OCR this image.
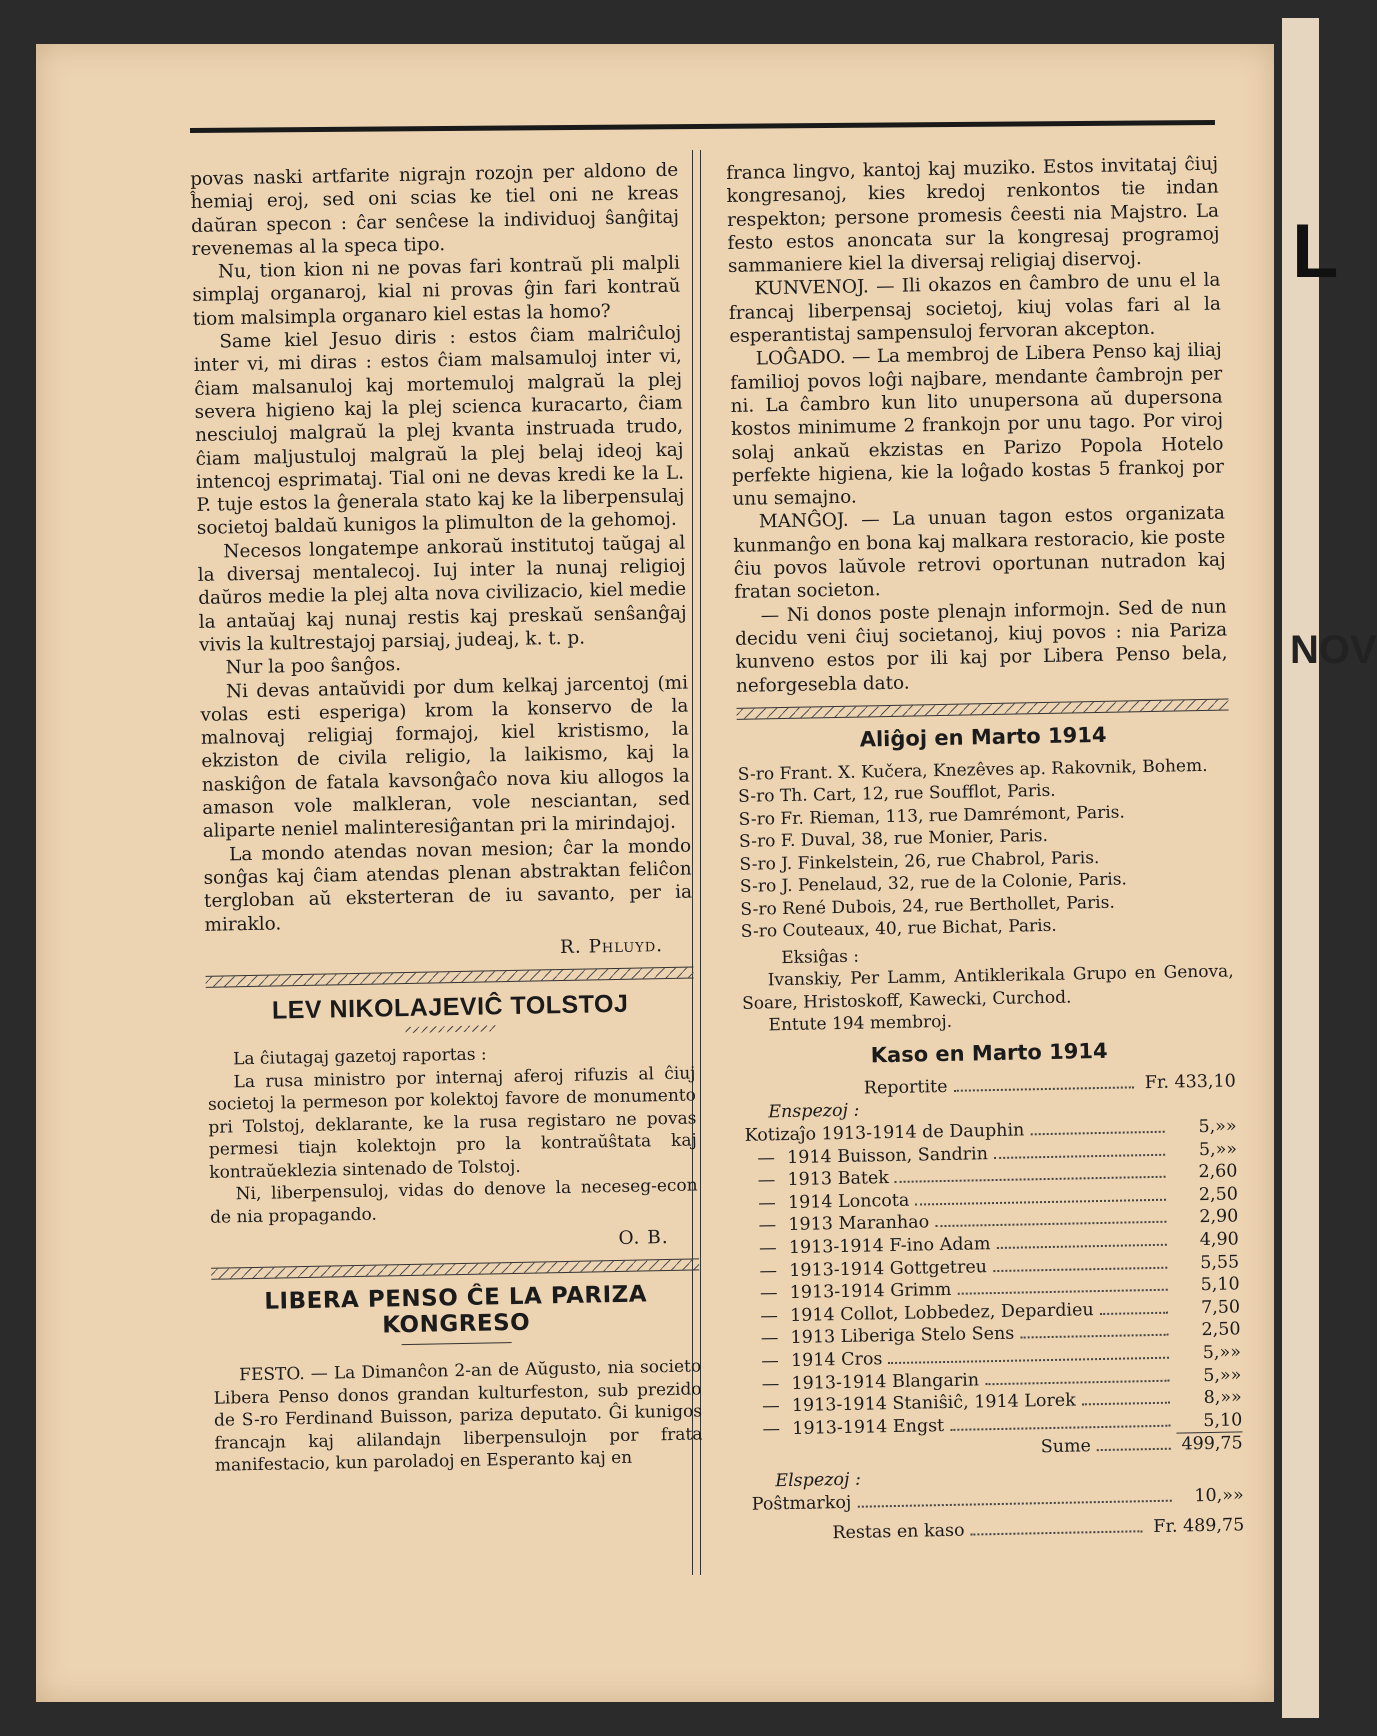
L
NOV

povas naski artfarite nigrajn rozojn per aldono de ĥemiaj eroj, sed oni scias ke tiel oni ne kreas daŭran specon : ĉar senĉese la individuoj ŝanĝitaj revenemas al la speca tipo.

Nu, tion kion ni ne povas fari kontraŭ pli malpli simplaj organaroj, kial ni provas ĝin fari kontraŭ tiom malsimpla organaro kiel estas la homo?

Same kiel Jesuo diris : estos ĉiam malriĉuloj inter vi, mi diras : estos ĉiam malsamuloj inter vi, ĉiam malsanuloj kaj mortemuloj malgraŭ la plej severa higieno kaj la plej scienca kuracarto, ĉiam nesciuloj malgraŭ la plej kvanta instruada trudo, ĉiam maljustuloj malgraŭ la plej belaj ideoj kaj intencoj esprimataj. Tial oni ne devas kredi ke la L. P. tuje estos la ĝenerala stato kaj ke la liberpensulaj societoj baldaŭ kunigos la plimulton de la gehomoj.

Necesos longatempe ankoraŭ institutoj taŭgaj al la diversaj mentalecoj. Iuj inter la nunaj religioj daŭros medie la plej alta nova civilizacio, kiel medie la antaŭaj kaj nunaj restis kaj preskaŭ senŝanĝaj vivis la kultrestajoj parsiaj, judeaj, k. t. p.

Nur la poo ŝanĝos.

Ni devas antaŭvidi por dum kelkaj jarcentoj (mi volas esti esperiga) krom la konservo de la malnovaj religiaj formajoj, kiel kristismo, la ekziston de civila religio, la laikismo, kaj la naskiĝon de fatala kavsonĝaĉo nova kiu allogos la amason vole malkleran, vole nesciantan, sed aliparte neniel malinteresiĝantan pri la mirindajoj.

La mondo atendas novan mesion; ĉar la mondo sonĝas kaj ĉiam atendas plenan abstraktan feliĉon tergloban aŭ eksterteran de iu savanto, per ia miraklo.

R. Phluyd.
LEV NIKOLAJEVIĈ TOLSTOJ

La ĉiutagaj gazetoj raportas :

La rusa ministro por internaj aferoj rifuzis al ĉiuj societoj la permeson por kolektoj favore de monumento pri Tolstoj, deklarante, ke la rusa registaro ne povas permesi tiajn kolektojn pro la kontraŭŝtata kaj kontraŭeklezia sintenado de Tolstoj.

Ni, liberpensuloj, vidas do denove la neceseg-econ de nia propagando.

O. B.
LIBERA PENSO ĈE LA PARIZA KONGRESO

FESTO. — La Dimanĉon 2-an de Aŭgusto, nia societo Libera Penso donos grandan kulturfeston, sub prezido de S-ro Ferdinand Buisson, pariza deputato. Ĝi kunigos francajn kaj alilandajn liberpensulojn por frata manifestacio, kun paroladoj en Esperanto kaj en

franca lingvo, kantoj kaj muziko. Estos invitataj ĉiuj kongresanoj, kies kredoj renkontos tie indan respekton; persone promesis ĉeesti nia Majstro. La festo estos anoncata sur la kongresaj programoj sammaniere kiel la diversaj religiaj diservoj.

KUNVENOJ. — Ili okazos en ĉambro de unu el la francaj liberpensaj societoj, kiuj volas fari al la esperantistaj sampensuloj fervoran akcepton.

LOĜADO. — La membroj de Libera Penso kaj iliaj familioj povos loĝi najbare, mendante ĉambrojn per ni. La ĉambro kun lito unupersona aŭ dupersona kostos minimume 2 frankojn por unu tago. Por viroj solaj ankaŭ ekzistas en Parizo Popola Hotelo perfekte higiena, kie la loĝado kostas 5 frankoj por unu semajno.

MANĜOJ. — La unuan tagon estos organizata kunmanĝo en bona kaj malkara restoracio, kie poste ĉiu povos laŭvole retrovi oportunan nutradon kaj fratan societon.

— Ni donos poste plenajn informojn. Sed de nun decidu veni ĉiuj societanoj, kiuj povos : nia Pariza kunveno estos por ili kaj por Libera Penso bela, neforgesebla dato.

Aliĝoj en Marto 1914
S-ro Frant. X. Kučera, Knezêves ap. Rakovnik, Bohem.
S-ro Th. Cart, 12, rue Soufflot, Paris.
S-ro Fr. Rieman, 113, rue Damrémont, Paris.
S-ro F. Duval, 38, rue Monier, Paris.
S-ro J. Finkelstein, 26, rue Chabrol, Paris.
S-ro J. Penelaud, 32, rue de la Colonie, Paris.
S-ro René Dubois, 24, rue Berthollet, Paris.
S-ro Couteaux, 40, rue Bichat, Paris.
Eksiĝas :

Ivanskiy, Per Lamm, Antiklerikala Grupo en Genova, Soare, Hristoskoff, Kawecki, Curchod.

Entute 194 membroj.

Kaso en Marto 1914
Reportite	Fr. 433,10
Enspezoj :
Kotizaĵo 1913-1914 de Dauphin	5,»»
— 1914 Buisson, Sandrin	5,»»
— 1913 Batek	2,60
— 1914 Loncota	2,50
— 1913 Maranhao	2,90
— 1913-1914 F-ino Adam	4,90
— 1913-1914 Gottgetreu	5,55
— 1913-1914 Grimm	5,10
— 1914 Collot, Lobbedez, Depardieu	7,50
— 1913 Liberiga Stelo Sens	2,50
— 1914 Cros	5,»»
— 1913-1914 Blangarin	5,»»
— 1913-1914 Staniŝiĉ, 1914 Lorek	8,»»
— 1913-1914 Engst	5,10
Sume	499,75
Elspezoj :
Poŝtmarkoj	10,»»
Restas en kaso	Fr. 489,75
